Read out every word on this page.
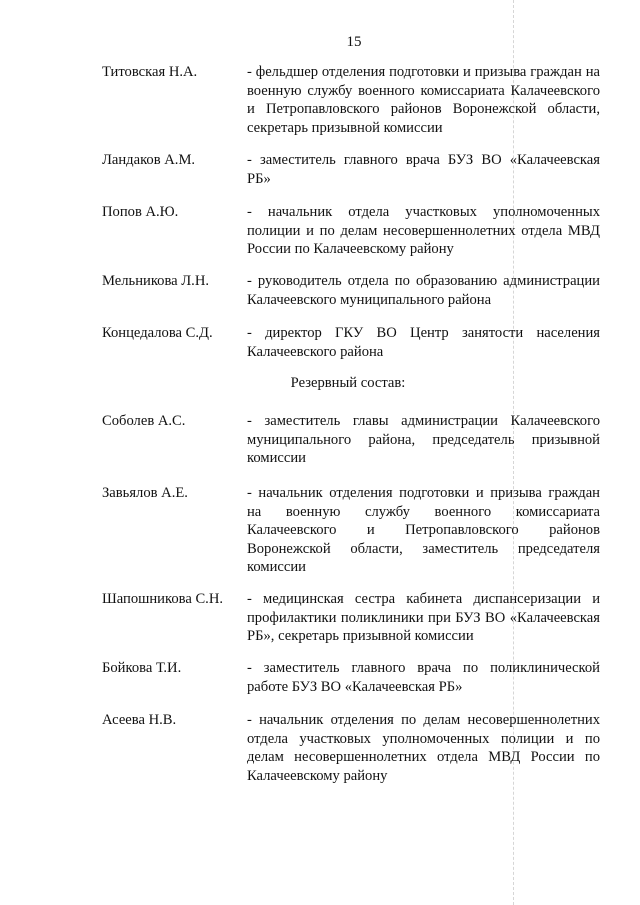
15
Титовская Н.А.	- фельдшер отделения подготовки и призыва граждан на военную службу военного комиссариата Калачеевского и Петропавловского районов Воронежской области, секретарь призывной комиссии
Ландаков А.М.	- заместитель главного врача БУЗ ВО «Калачеевская РБ»
Попов А.Ю.	- начальник отдела участковых уполномоченных полиции и по делам несовершеннолетних отдела МВД России по Калачеевскому району
Мельникова Л.Н.	- руководитель отдела по образованию администрации Калачеевского муниципального района
Концедалова С.Д.	- директор ГКУ ВО Центр занятости населения Калачеевского района
Резервный состав:
Соболев А.С.	- заместитель главы администрации Калачеевского муниципального района, председатель призывной комиссии
Завьялов А.Е.	- начальник отделения подготовки и призыва граждан на военную службу военного комиссариата Калачеевского и Петропавловского районов Воронежской области, заместитель председателя комиссии
Шапошникова С.Н.	- медицинская сестра кабинета диспансеризации и профилактики поликлиники при БУЗ ВО «Калачеевская РБ», секретарь призывной комиссии
Бойкова Т.И.	- заместитель главного врача по поликлинической работе БУЗ ВО «Калачеевская РБ»
Асеева Н.В.	- начальник отделения по делам несовершеннолетних отдела участковых уполномоченных полиции и по делам несовершеннолетних отдела МВД России по Калачеевскому району
